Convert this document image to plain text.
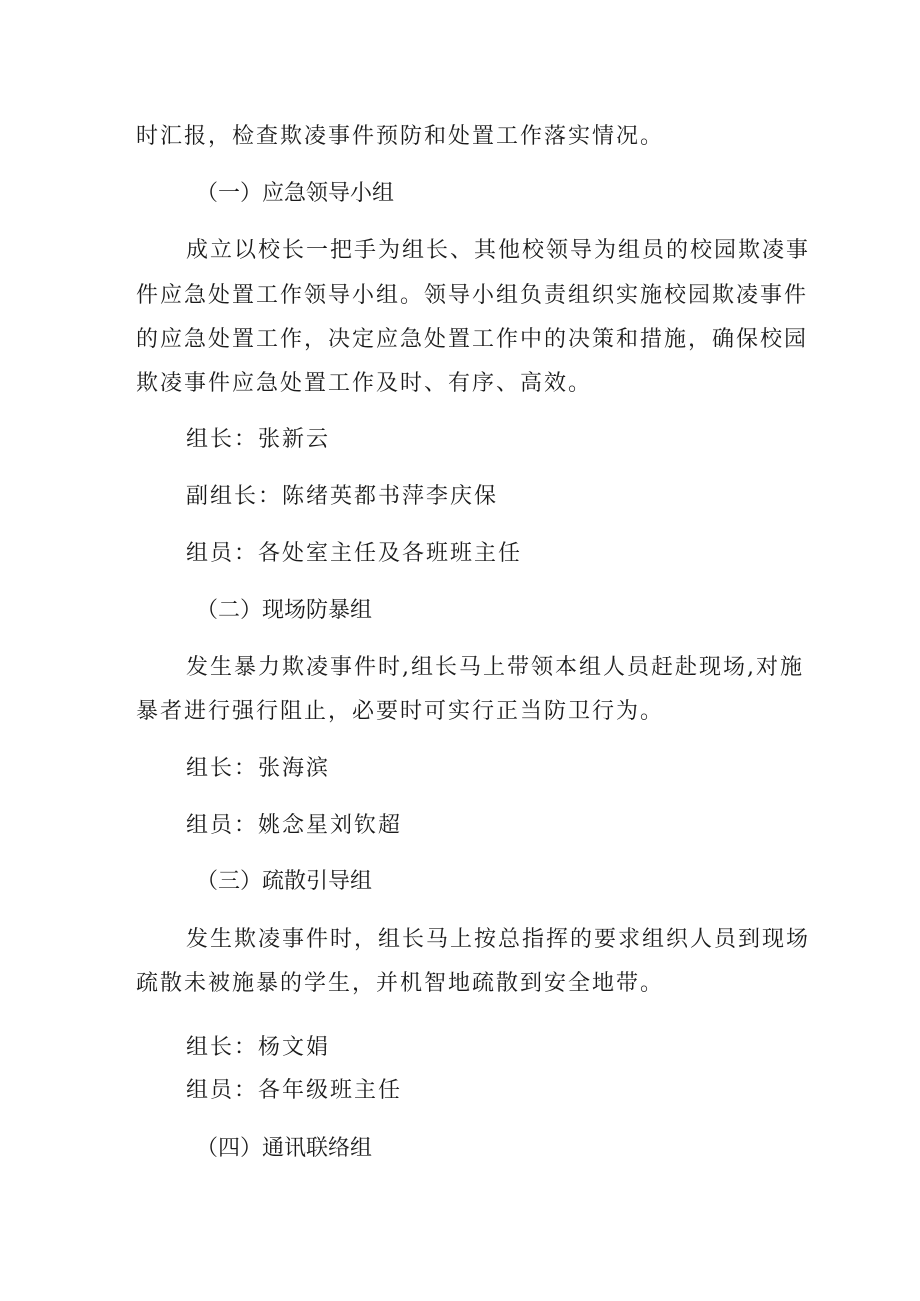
时汇报，检查欺凌事件预防和处置工作落实情况。
（一）应急领导小组
成立以校长一把手为组长、其他校领导为组员的校园欺凌事
件应急处置工作领导小组。领导小组负责组织实施校园欺凌事件
的应急处置工作，决定应急处置工作中的决策和措施，确保校园
欺凌事件应急处置工作及时、有序、高效。
组长：张新云
副组长：陈绪英都书萍李庆保
组员：各处室主任及各班班主任
（二）现场防暴组
发生暴力欺凌事件时,组长马上带领本组人员赶赴现场,对施
暴者进行强行阻止，必要时可实行正当防卫行为。
组长：张海滨
组员：姚念星刘钦超
（三）疏散引导组
发生欺凌事件时，组长马上按总指挥的要求组织人员到现场
疏散未被施暴的学生，并机智地疏散到安全地带。
组长：杨文娟
组员：各年级班主任
（四）通讯联络组
